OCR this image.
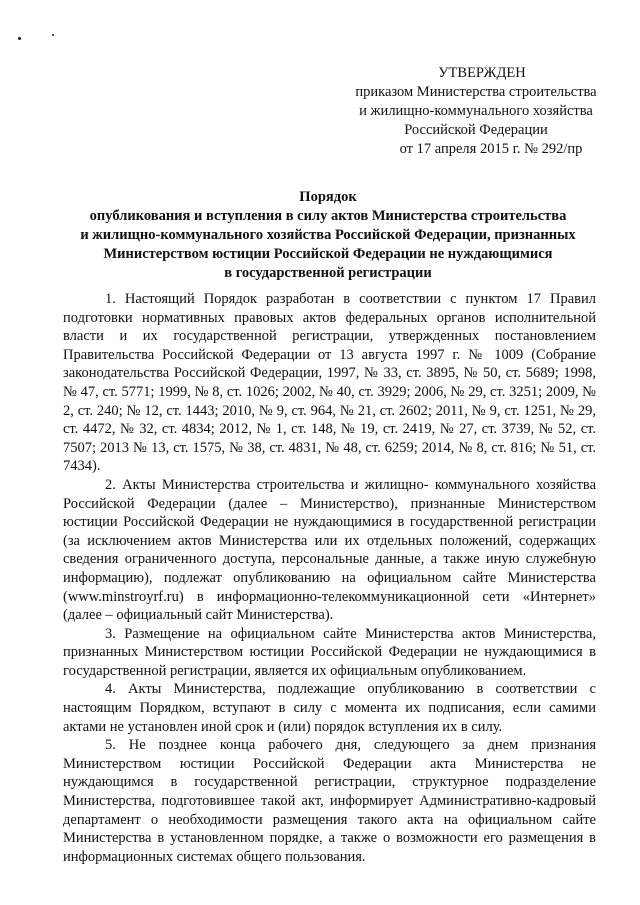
УТВЕРЖДЕН
приказом Министерства строительства
и жилищно-коммунального хозяйства
Российской Федерации
от 17 апреля 2015 г. № 292/пр
Порядок
опубликования и вступления в силу актов Министерства строительства
и жилищно-коммунального хозяйства Российской Федерации, признанных
Министерством юстиции Российской Федерации не нуждающимися
в государственной регистрации

1. Настоящий Порядок разработан в соответствии с пунктом 17 Правил подготовки нормативных правовых актов федеральных органов исполнительной власти и их государственной регистрации, утвержденных постановлением Правительства Российской Федерации от 13 августа 1997 г. № 1009 (Собрание законодательства Российской Федерации, 1997, № 33, ст. 3895, № 50, ст. 5689; 1998, № 47, ст. 5771; 1999, № 8, ст. 1026; 2002, № 40, ст. 3929; 2006, № 29, ст. 3251; 2009, № 2, ст. 240; № 12, ст. 1443; 2010, № 9, ст. 964, № 21, ст. 2602; 2011, № 9, ст. 1251, № 29, ст. 4472, № 32, ст. 4834; 2012, № 1, ст. 148, № 19, ст. 2419, № 27, ст. 3739, № 52, ст. 7507; 2013 № 13, ст. 1575, № 38, ст. 4831, № 48, ст. 6259; 2014, № 8, ст. 816; № 51, ст. 7434).

2. Акты Министерства строительства и жилищно- коммунального хозяйства Российской Федерации (далее – Министерство), признанные Министерством юстиции Российской Федерации не нуждающимися в государственной регистрации (за исключением актов Министерства или их отдельных положений, содержащих сведения ограниченного доступа, персональные данные, а также иную служебную информацию), подлежат опубликованию на официальном сайте Министерства (www.minstroyrf.ru) в информационно-телекоммуникационной сети «Интернет» (далее – официальный сайт Министерства).

3. Размещение на официальном сайте Министерства актов Министерства, признанных Министерством юстиции Российской Федерации не нуждающимися в государственной регистрации, является их официальным опубликованием.

4. Акты Министерства, подлежащие опубликованию в соответствии с настоящим Порядком, вступают в силу с момента их подписания, если самими актами не установлен иной срок и (или) порядок вступления их в силу.

5. Не позднее конца рабочего дня, следующего за днем признания Министерством юстиции Российской Федерации акта Министерства не нуждающимся в государственной регистрации, структурное подразделение Министерства, подготовившее такой акт, информирует Административно-кадровый департамент о необходимости размещения такого акта на официальном сайте Министерства в установленном порядке, а также о возможности его размещения в информационных системах общего пользования.
